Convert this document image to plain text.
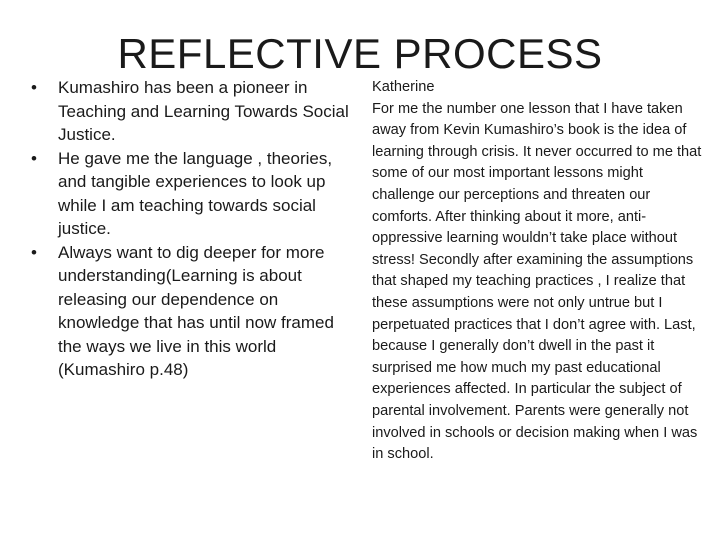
REFLECTIVE PROCESS
• Kumashiro has been a pioneer in Teaching and Learning Towards Social Justice.
• He gave me the language , theories, and tangible experiences to look up while I am teaching towards social justice.
• Always want to dig deeper for more understanding(Learning is about releasing our dependence on knowledge that has until now framed the ways we live in this world (Kumashiro p.48)
Katherine
For me the number one lesson that I have taken away from Kevin Kumashiro’s book is the idea of learning through crisis. It never occurred to me that some of our most important lessons might challenge our perceptions and threaten our comforts. After thinking about it more, anti-oppressive learning wouldn’t take place without stress! Secondly after examining the assumptions that shaped my teaching practices , I realize that these assumptions were not only untrue but I perpetuated practices that I don’t agree with. Last, because I generally don’t dwell in the past it surprised me how much my past educational experiences affected. In particular the subject of parental involvement. Parents were generally not involved in schools or decision making when I was in school.
